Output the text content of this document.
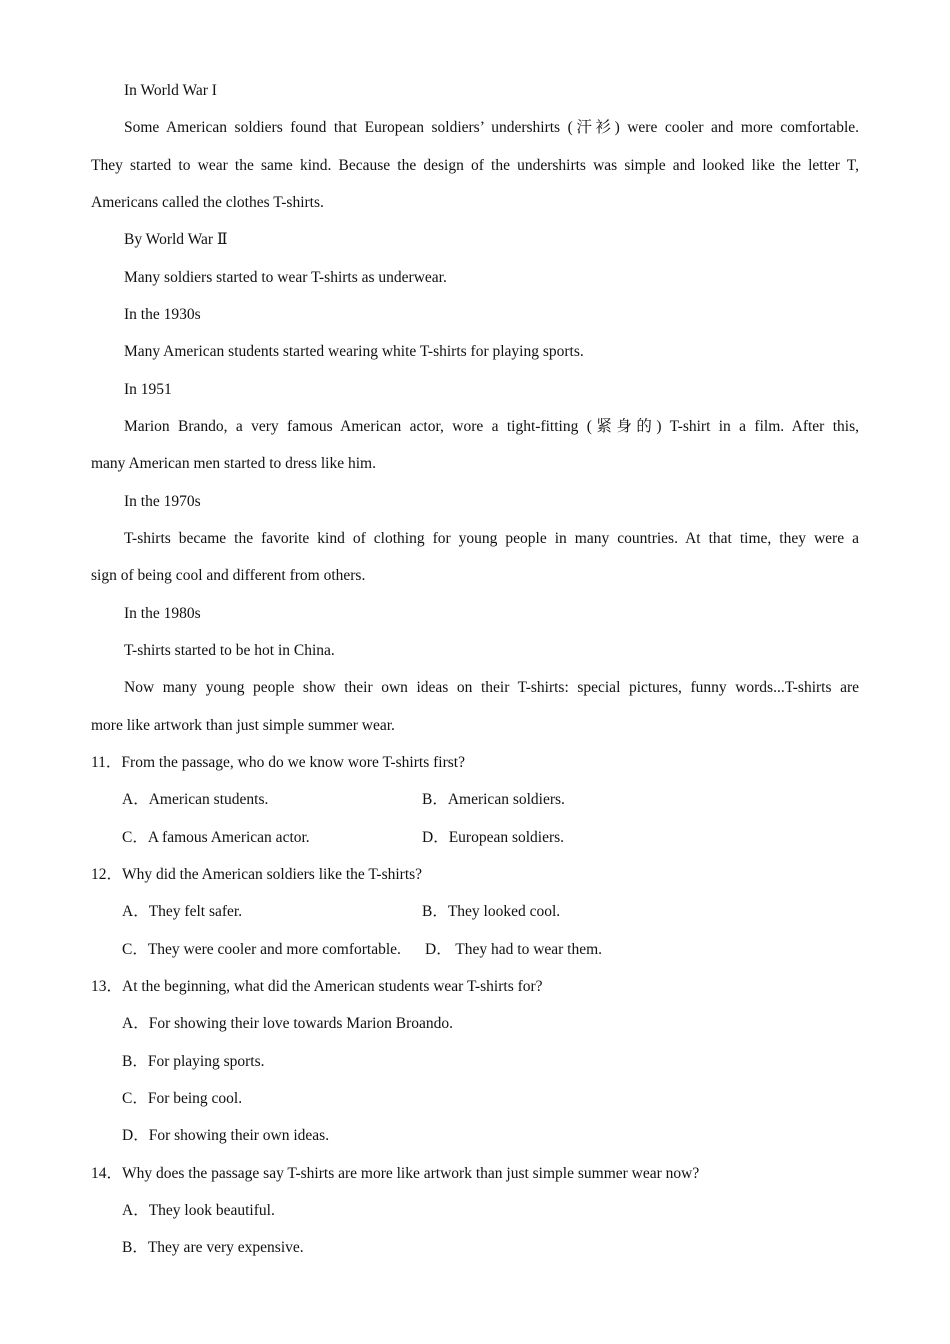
In World War I
Some American soldiers found that European soldiers’ undershirts (汗衫) were cooler and more comfortable.
They started to wear the same kind. Because the design of the undershirts was simple and looked like the letter T,
Americans called the clothes T-shirts.
By World War Ⅱ
Many soldiers started to wear T-shirts as underwear.
In the 1930s
Many American students started wearing white T-shirts for playing sports.
In 1951
Marion Brando, a very famous American actor, wore a tight-fitting (紧身的) T-shirt in a film. After this,
many American men started to dress like him.
In the 1970s
T-shirts became the favorite kind of clothing for young people in many countries. At that time, they were a
sign of being cool and different from others.
In the 1980s
T-shirts started to be hot in China.
Now many young people show their own ideas on their T-shirts: special pictures, funny words...T-shirts are
more like artwork than just simple summer wear.
11．From the passage, who do we know wore T-shirts first?
A．American students.	B．American soldiers.
C．A famous American actor.	D．European soldiers.
12．Why did the American soldiers like the T-shirts?
A．They felt safer.	B．They looked cool.
C．They were cooler and more comfortable. D． They had to wear them.
13．At the beginning, what did the American students wear T-shirts for?
A．For showing their love towards Marion Broando.
B．For playing sports.
C．For being cool.
D．For showing their own ideas.
14．Why does the passage say T-shirts are more like artwork than just simple summer wear now?
A．They look beautiful.
B．They are very expensive.
